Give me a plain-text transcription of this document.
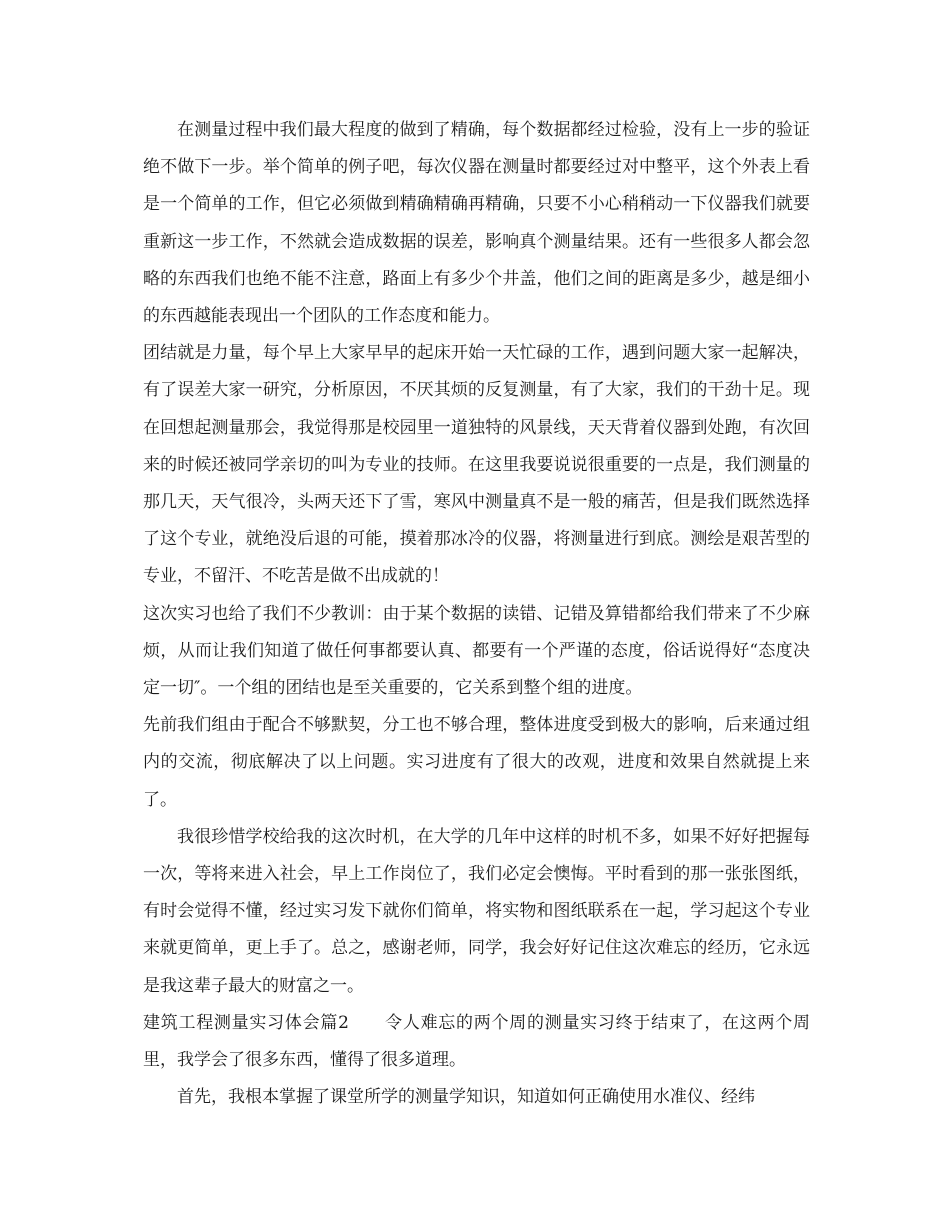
在测量过程中我们最大程度的做到了精确，每个数据都经过检验，没有上一步的验证绝不做下一步。举个简单的例子吧，每次仪器在测量时都要经过对中整平，这个外表上看是一个简单的工作，但它必须做到精确精确再精确，只要不小心稍稍动一下仪器我们就要重新这一步工作，不然就会造成数据的误差，影响真个测量结果。还有一些很多人都会忽略的东西我们也绝不能不注意，路面上有多少个井盖，他们之间的距离是多少，越是细小的东西越能表现出一个团队的工作态度和能力。

团结就是力量，每个早上大家早早的起床开始一天忙碌的工作，遇到问题大家一起解决，有了误差大家一研究，分析原因，不厌其烦的反复测量，有了大家，我们的干劲十足。现在回想起测量那会，我觉得那是校园里一道独特的风景线，天天背着仪器到处跑，有次回来的时候还被同学亲切的叫为专业的技师。在这里我要说说很重要的一点是，我们测量的那几天，天气很冷，头两天还下了雪，寒风中测量真不是一般的痛苦，但是我们既然选择了这个专业，就绝没后退的可能，摸着那冰冷的仪器，将测量进行到底。测绘是艰苦型的专业，不留汗、不吃苦是做不出成就的！

这次实习也给了我们不少教训：由于某个数据的读错、记错及算错都给我们带来了不少麻烦，从而让我们知道了做任何事都要认真、都要有一个严谨的态度，俗话说得好“态度决定一切″。一个组的团结也是至关重要的，它关系到整个组的进度。

先前我们组由于配合不够默契，分工也不够合理，整体进度受到极大的影响，后来通过组内的交流，彻底解决了以上问题。实习进度有了很大的改观，进度和效果自然就提上来了。

我很珍惜学校给我的这次时机，在大学的几年中这样的时机不多，如果不好好把握每一次，等将来进入社会，早上工作岗位了，我们必定会懊悔。平时看到的那一张张图纸，有时会觉得不懂，经过实习发下就你们简单，将实物和图纸联系在一起，学习起这个专业来就更简单，更上手了。总之，感谢老师，同学，我会好好记住这次难忘的经历，它永远是我这辈子最大的财富之一。

建筑工程测量实习体会篇2　　令人难忘的两个周的测量实习终于结束了，在这两个周里，我学会了很多东西，懂得了很多道理。

首先，我根本掌握了课堂所学的测量学知识，知道如何正确使用水准仪、经纬
